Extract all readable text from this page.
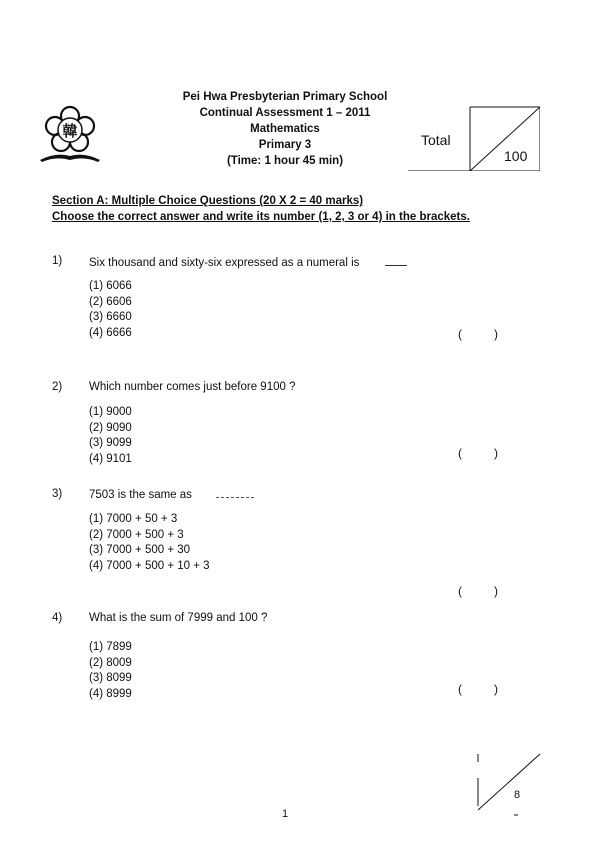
韓
Pei Hwa Presbyterian Primary School
Continual Assessment 1 – 2011
Mathematics
Primary 3
(Time: 1 hour 45 min)
Total
100
Section A: Multiple Choice Questions (20 X 2 = 40 marks)
Choose the correct answer and write its number (1, 2, 3 or 4) in the brackets.
1) Six thousand and sixty-six expressed as a numeral is
(1) 6066
(2) 6606
(3) 6660
(4) 6666	(	)
2) Which number comes just before 9100 ?
(1) 9000
(2) 9090
(3) 9099
(4) 9101	(	)
3) 7503 is the same as
(1) 7000 + 50 + 3
(2) 7000 + 500 + 3
(3) 7000 + 500 + 30
(4) 7000 + 500 + 10 + 3
(	)
4) What is the sum of 7999 and 100 ?
(1) 7899
(2) 8009
(3) 8099
(4) 8999	(	)
8
1
